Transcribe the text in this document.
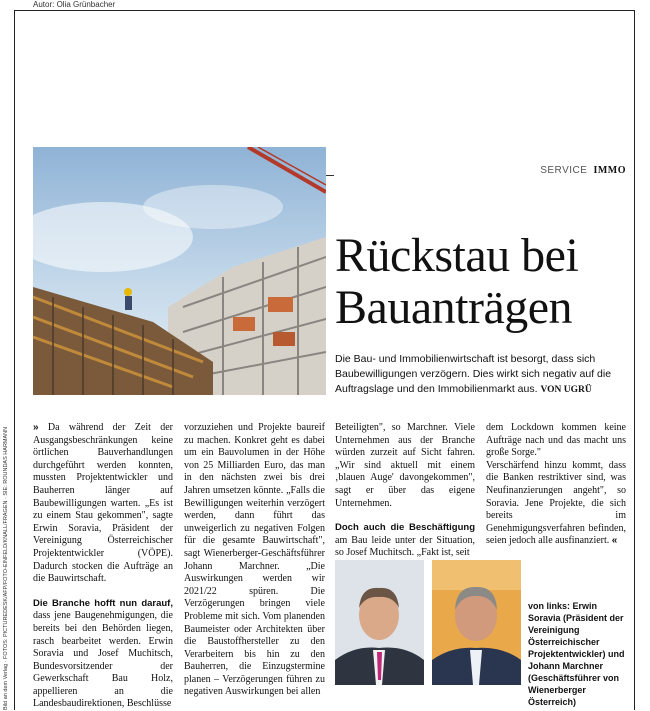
Autor: Olia Grünbacher
Bild an dem Verlag · FOTOS: PICTUREDESK/AFP/FOTO-EINFELD/KNALL/FRAGEN · SIE: ROUNDAS HARMANN
SERVICE IMMO
Rückstau bei
Bauanträgen
Die Bau- und Immobilienwirtschaft ist besorgt, dass sich Baubewilligungen verzögern. Dies wirkt sich negativ auf die Auftragslage und den Immobilienmarkt aus. VON UGRÜ

» Da während der Zeit der Ausgangsbeschränkungen keine örtlichen Bauverhandlungen durchgeführt werden konnten, mussten Projektentwickler und Bauherren länger auf Baubewilligungen warten. „Es ist zu einem Stau gekommen", sagte Erwin Soravia, Präsident der Vereinigung Österreichischer Projektentwickler (VÖPE). Dadurch stocken die Aufträge an die Bauwirtschaft.

Die Branche hofft nun darauf, dass jene Baugenehmigungen, die bereits bei den Behörden liegen, rasch bearbeitet werden. Erwin Soravia und Josef Muchitsch, Bundesvorsitzender der Gewerkschaft Bau Holz, appellieren an die Landesbaudirektionen, Beschlüsse

vorzuziehen und Projekte baureif zu machen. Konkret geht es dabei um ein Bauvolumen in der Höhe von 25 Milliarden Euro, das man in den nächsten zwei bis drei Jahren umsetzen könnte. „Falls die Bewilligungen weiterhin verzögert werden, dann führt das unweigerlich zu negativen Folgen für die gesamte Bauwirtschaft", sagt Wienerberger-Geschäftsführer Johann Marchner. „Die Auswirkungen werden wir 2021/22 spüren. Die Verzögerungen bringen viele Probleme mit sich. Vom planenden Baumeister oder Architekten über die Baustoffhersteller zu den Verarbeitern bis hin zu den Bauherren, die Einzugstermine planen – Verzögerungen führen zu negativen Auswirkungen bei allen

Beteiligten", so Marchner. Viele Unternehmen aus der Branche würden zurzeit auf Sicht fahren. „Wir sind aktuell mit einem ‚blauen Auge' davongekommen", sagt er über das eigene Unternehmen.

Doch auch die Beschäftigung am Bau leide unter der Situation, so Josef Muchitsch. „Fakt ist, seit

dem Lockdown kommen keine Aufträge nach und das macht uns große Sorge."

Verschärfend hinzu kommt, dass die Banken restriktiver sind, was Neufinanzierungen angeht", so Soravia. Jene Projekte, die sich bereits im Genehmigungsverfahren befinden, seien jedoch alle ausfinanziert. «

von links: Erwin Soravia (Präsident der Vereinigung Österreichischer Projektentwickler) und Johann Marchner (Geschäftsführer von Wienerberger Österreich)
